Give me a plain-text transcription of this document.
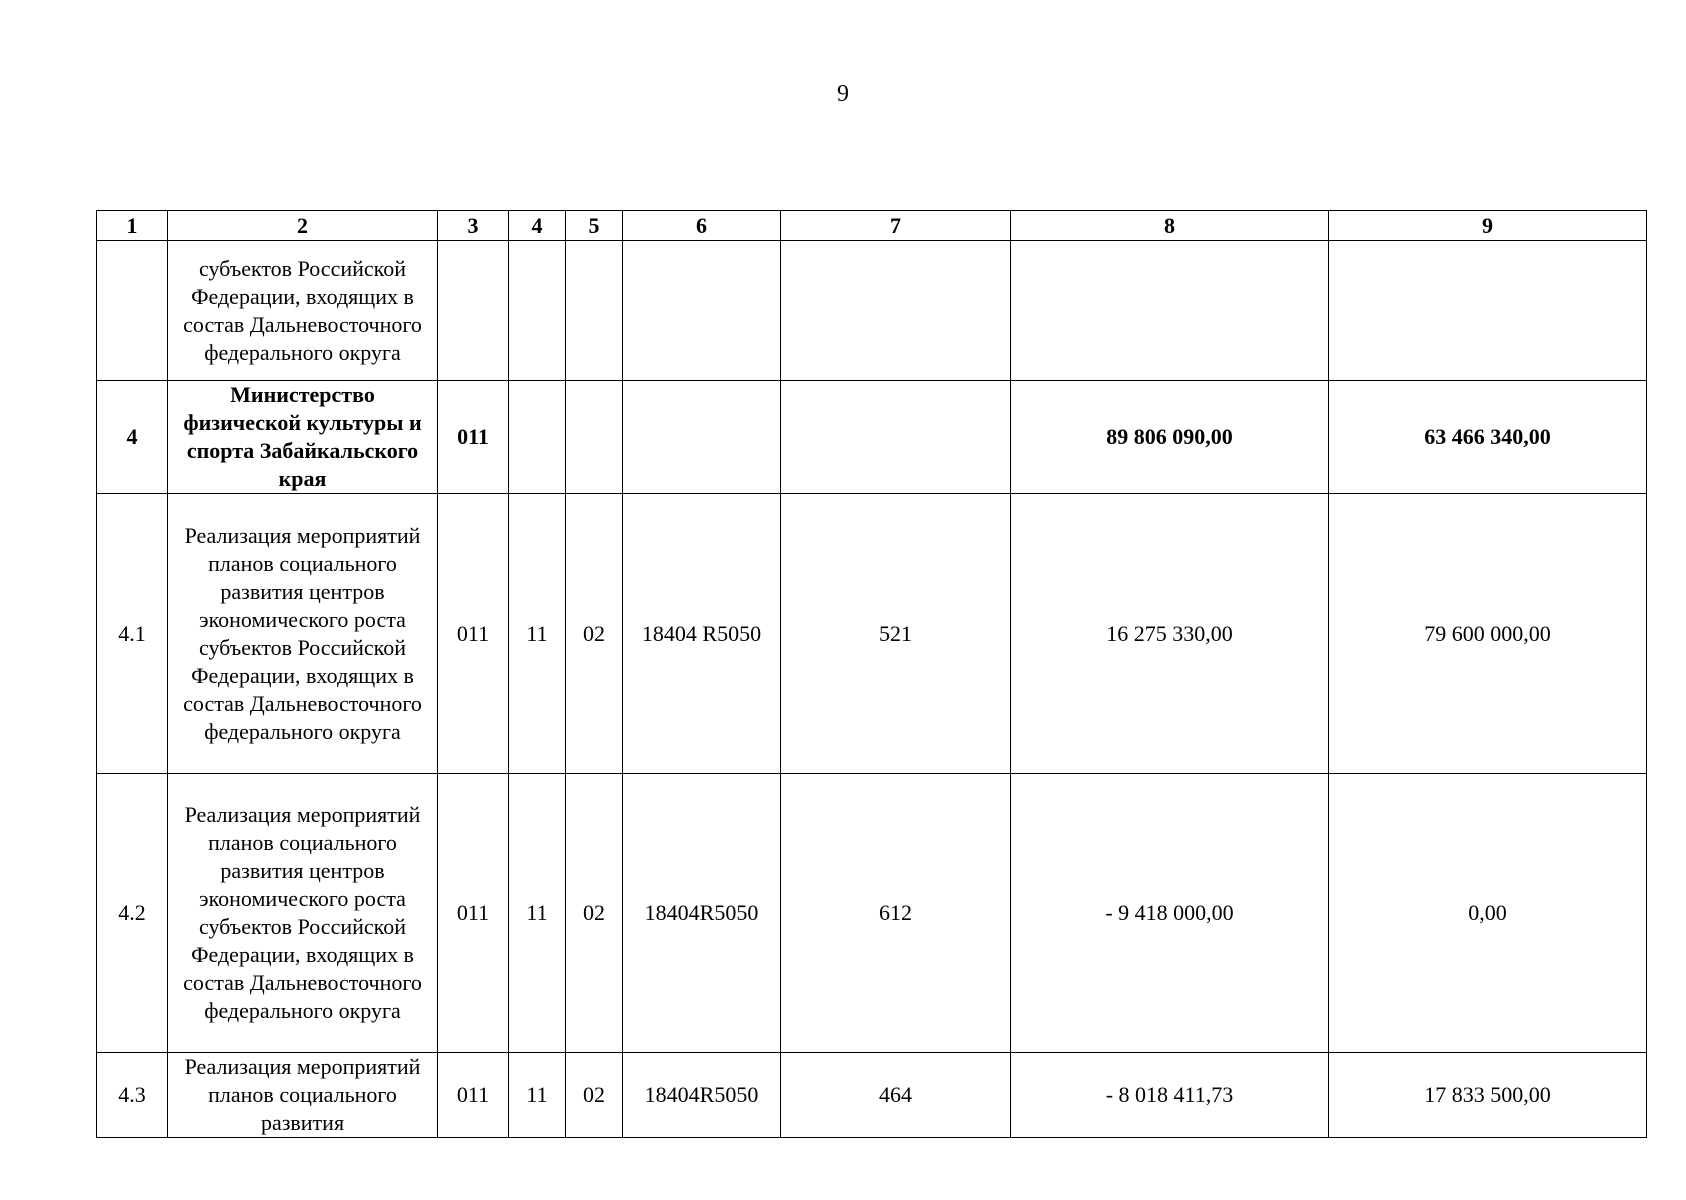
9
1	2	3	4	5	6	7	8	9
	субъектов Российской Федерации, входящих в состав Дальневосточного федерального округа							
4	Министерство физической культуры и спорта Забайкальского края	011					89 806 090,00	63 466 340,00
4.1	Реализация мероприятий планов социального развития центров экономического роста субъектов Российской Федерации, входящих в состав Дальневосточного федерального округа	011	11	02	18404 R5050	521	16 275 330,00	79 600 000,00
4.2	Реализация мероприятий планов социального развития центров экономического роста субъектов Российской Федерации, входящих в состав Дальневосточного федерального округа	011	11	02	18404R5050	612	- 9 418 000,00	0,00
4.3	Реализация мероприятий планов социального развития	011	11	02	18404R5050	464	- 8 018 411,73	17 833 500,00
